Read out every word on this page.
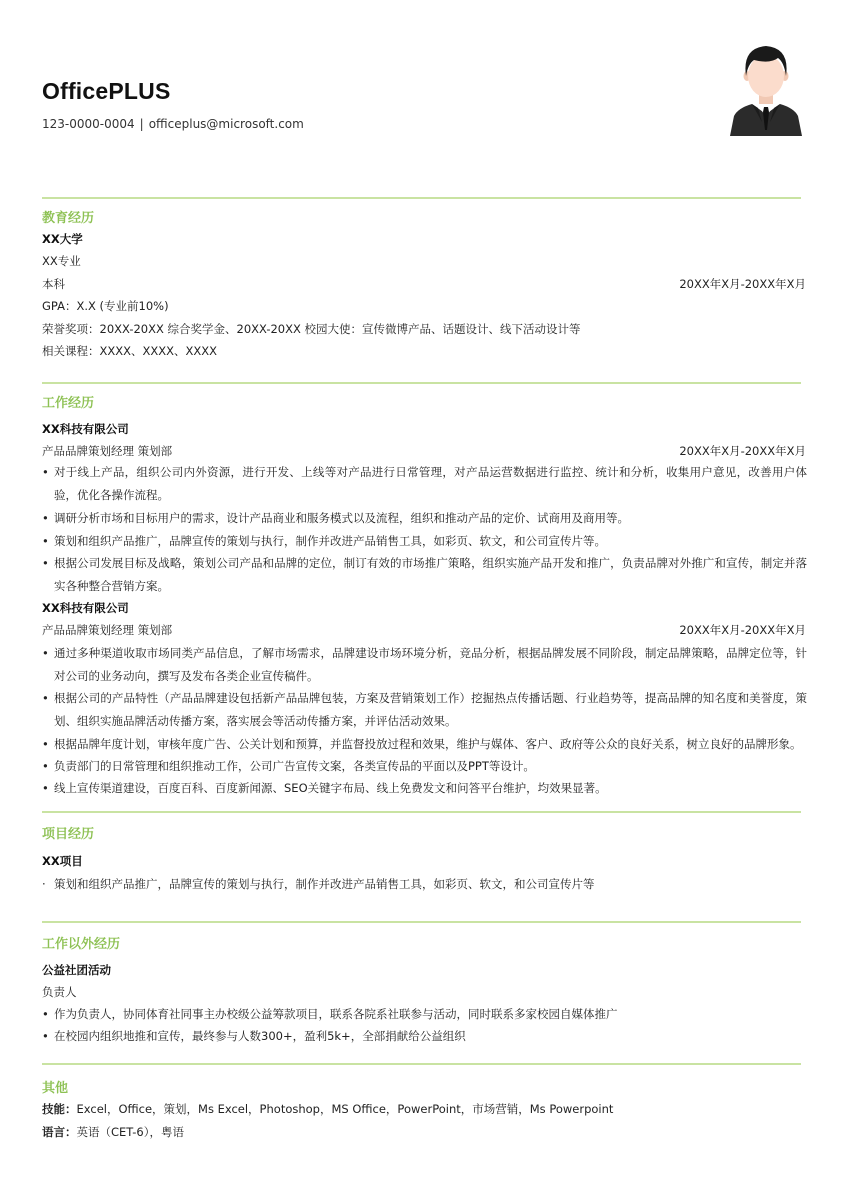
OfficePLUS
123-0000-0004 | officeplus@microsoft.com
教育经历
XX大学
XX专业
本科	20XX年X月-20XX年X月
GPA：X.X (专业前10%)
荣誉奖项：20XX-20XX 综合奖学金、20XX-20XX 校园大使：宣传微博产品、话题设计、线下活动设计等
相关课程：XXXX、XXXX、XXXX
工作经历
XX科技有限公司
产品品牌策划经理 策划部	20XX年X月-20XX年X月
• 对于线上产品，组织公司内外资源，进行开发、上线等对产品进行日常管理，对产品运营数据进行监控、统计和分析，收集用户意见，改善用户体验，优化各操作流程。
• 调研分析市场和目标用户的需求，设计产品商业和服务模式以及流程，组织和推动产品的定价、试商用及商用等。
• 策划和组织产品推广，品牌宣传的策划与执行，制作并改进产品销售工具，如彩页、软文，和公司宣传片等。
• 根据公司发展目标及战略，策划公司产品和品牌的定位，制订有效的市场推广策略，组织实施产品开发和推广，负责品牌对外推广和宣传，制定并落实各种整合营销方案。
XX科技有限公司
产品品牌策划经理 策划部	20XX年X月-20XX年X月
• 通过多种渠道收取市场同类产品信息，了解市场需求，品牌建设市场环境分析，竞品分析，根据品牌发展不同阶段，制定品牌策略，品牌定位等，针对公司的业务动向，撰写及发布各类企业宣传稿件。
• 根据公司的产品特性（产品品牌建设包括新产品品牌包装，方案及营销策划工作）挖掘热点传播话题、行业趋势等，提高品牌的知名度和美誉度，策划、组织实施品牌活动传播方案，落实展会等活动传播方案，并评估活动效果。
• 根据品牌年度计划，审核年度广告、公关计划和预算，并监督投放过程和效果，维护与媒体、客户、政府等公众的良好关系，树立良好的品牌形象。
• 负责部门的日常管理和组织推动工作，公司广告宣传文案，各类宣传品的平面以及PPT等设计。
• 线上宣传渠道建设，百度百科、百度新闻源、SEO关键字布局、线上免费发文和问答平台维护，均效果显著。
项目经历
XX项目
· 策划和组织产品推广，品牌宣传的策划与执行，制作并改进产品销售工具，如彩页、软文，和公司宣传片等
工作以外经历
公益社团活动
负责人
• 作为负责人，协同体育社同事主办校级公益筹款项目，联系各院系社联参与活动，同时联系多家校园自媒体推广
• 在校园内组织地推和宣传，最终参与人数300+，盈利5k+，全部捐献给公益组织
其他
技能：Excel，Office，策划，Ms Excel，Photoshop，MS Office，PowerPoint，市场营销，Ms Powerpoint
语言：英语（CET-6），粤语
